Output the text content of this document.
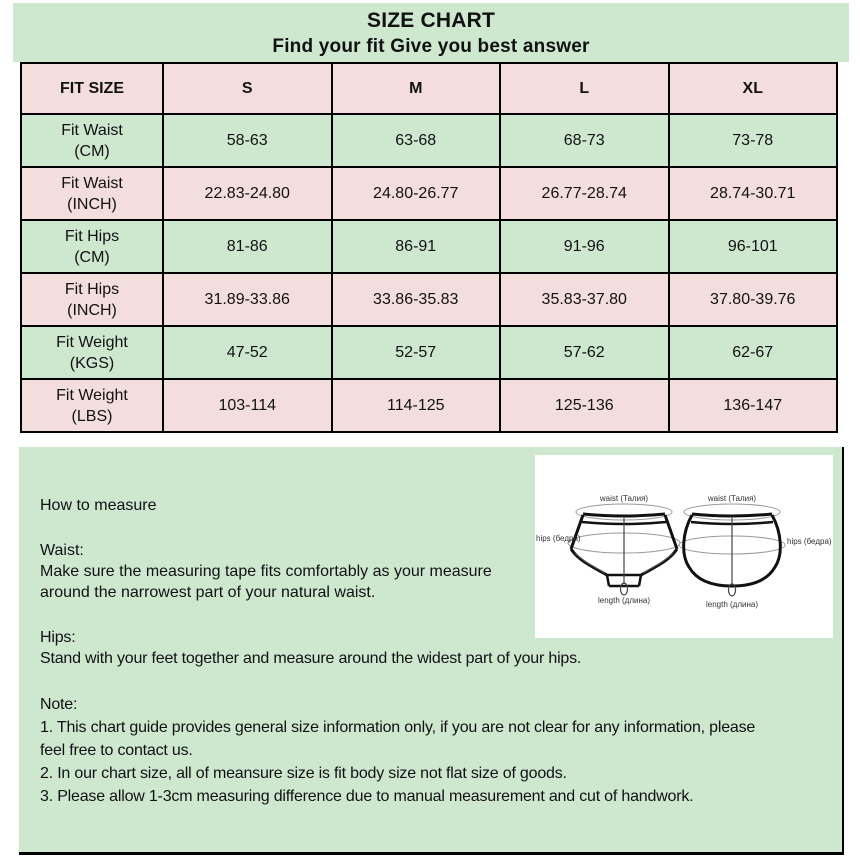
SIZE CHART
Find your fit Give you best answer
FIT SIZE	S	M	L	XL

Fit Waist
(CM)	58-63	63-68	68-73	73-78

Fit Waist
(INCH)	22.83-24.80	24.80-26.77	26.77-28.74	28.74-30.71

Fit Hips
(CM)	81-86	86-91	91-96	96-101

Fit Hips
(INCH)	31.89-33.86	33.86-35.83	35.83-37.80	37.80-39.76

Fit Weight
(KGS)	47-52	52-57	57-62	62-67

Fit Weight
(LBS)	103-114	114-125	125-136	136-147
How to measure
Waist:
Make sure the measuring tape fits comfortably as your measure
around the narrowest part of your natural waist.
Hips:
Stand with your feet together and measure around the widest part of your hips.
Note:
1. This chart guide provides general size information only, if you are not clear for any information, please
feel free to contact us.
2. In our chart size, all of meansure size is fit body size not flat size of goods.
3. Please allow 1-3cm measuring difference due to manual measurement and cut of handwork.
waist (Талия)
hips (бедра)
length (длина)
waist (Талия)
hips (бедра)
length (длина)
